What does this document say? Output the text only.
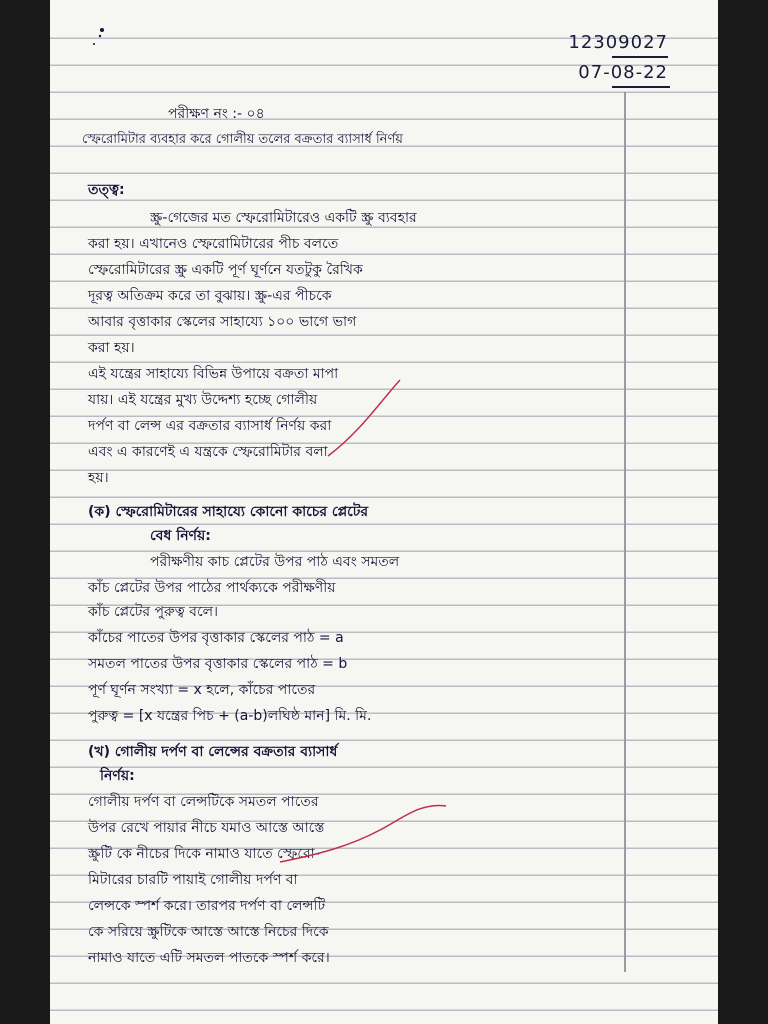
12309027
07-08-22
পরীক্ষণ নং :- ০৪
স্ফেরোমিটার ব্যবহার করে গোলীয় তলের বক্রতার ব্যাসার্ধ নির্ণয়
তত্ত্ব:
স্ক্রু-গেজের মত স্ফেরোমিটারেও একটি স্ক্রু ব্যবহার
করা হয়। এখানেও স্ফেরোমিটারের পীচ বলতে
স্ফেরোমিটারের স্ক্রু একটি পূর্ণ ঘূর্ণনে যতটুকু রৈখিক
দূরত্ব অতিক্রম করে তা বুঝায়। স্ক্রু-এর পীচকে
আবার বৃত্তাকার স্কেলের সাহায্যে ১০০ ভাগে ভাগ
করা হয়।
এই যন্ত্রের সাহায্যে বিভিন্ন উপায়ে বক্রতা মাপা
যায়। এই যন্ত্রের মুখ্য উদ্দেশ্য হচ্ছে গোলীয়
দর্পণ বা লেন্স এর বক্রতার ব্যাসার্ধ নির্ণয় করা
এবং এ কারণেই এ যন্ত্রকে স্ফেরোমিটার বলা
হয়।
(ক) স্ফেরোমিটারের সাহায্যে কোনো কাচের প্লেটের
বেধ নির্ণয়:
পরীক্ষণীয় কাচ প্লেটের উপর পাঠ এবং সমতল
কাঁচ প্লেটের উপর পাঠের পার্থক্যকে পরীক্ষণীয়
কাঁচ প্লেটের পুরুত্ব বলে।
কাঁচের পাতের উপর বৃত্তাকার স্কেলের পাঠ = a
সমতল পাতের উপর বৃত্তাকার স্কেলের পাঠ = b
পূর্ণ ঘূর্ণন সংখ্যা = x হলে, কাঁচের পাতের
পুরুত্ব = [x যন্ত্রের পিচ + (a-b)লঘিষ্ঠ মান] মি. মি.
(খ) গোলীয় দর্পণ বা লেন্সের বক্রতার ব্যাসার্ধ
নির্ণয়:
গোলীয় দর্পণ বা লেন্সটিকে সমতল পাতের
উপর রেখে পায়ার নীচে যমাও আস্তে আস্তে
স্ক্রুটি কে নীচের দিকে নামাও যাতে স্ফেরো-
মিটারের চারটি পায়াই গোলীয় দর্পণ বা
লেন্সকে স্পর্শ করে। তারপর দর্পণ বা লেন্সটি
কে সরিয়ে স্ক্রুটিকে আস্তে আস্তে নিচের দিকে
নামাও যাতে এটি সমতল পাতকে স্পর্শ করে।
